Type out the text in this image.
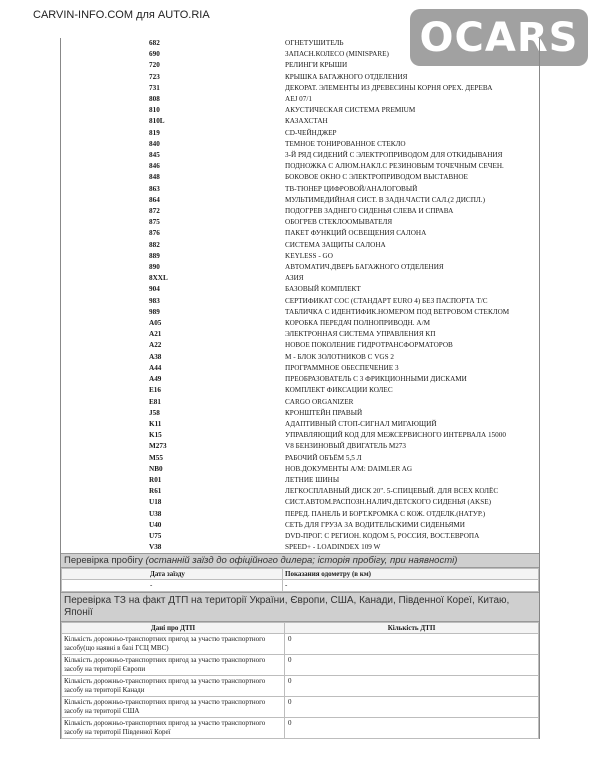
CARVIN-INFO.COM для AUTO.RIA	OCARS
682	ОГНЕТУШИТЕЛЬ
690	ЗАПАСН.КОЛЕСО (MINISPARE)
720	РЕЛИНГИ КРЫШИ
723	КРЫШКА БАГАЖНОГО ОТДЕЛЕНИЯ
731	ДЕКОРАТ. ЭЛЕМЕНТЫ ИЗ ДРЕВЕСИНЫ КОРНЯ ОРЕХ. ДЕРЕВА
808	AEJ 07/1
810	АКУСТИЧЕСКАЯ СИСТЕМА PREMIUM
810L	КАЗАХСТАН
819	CD-ЧЕЙНДЖЕР
840	ТЕМНОЕ ТОНИРОВАННОЕ СТЕКЛО
845	3-Й РЯД СИДЕНИЙ С ЭЛЕКТРОПРИВОДОМ ДЛЯ ОТКИДЫВАНИЯ
846	ПОДНОЖКА С АЛЮМ.НАКЛ.С РЕЗИНОВЫМ ТОЧЕЧНЫМ СЕЧЕН.
848	БОКОВОЕ ОКНО С ЭЛЕКТРОПРИВОДОМ ВЫСТАВНОЕ
863	ТВ-ТЮНЕР ЦИФРОВОЙ/АНАЛОГОВЫЙ
864	МУЛЬТИМЕДИЙНАЯ СИСТ. В ЗАДН.ЧАСТИ САЛ.(2 ДИСПЛ.)
872	ПОДОГРЕВ ЗАДНЕГО СИДЕНЬЯ СЛЕВА И СПРАВА
875	ОБОГРЕВ СТЕКЛООМЫВАТЕЛЯ
876	ПАКЕТ ФУНКЦИЙ ОСВЕЩЕНИЯ САЛОНА
882	СИСТЕМА ЗАЩИТЫ САЛОНА
889	KEYLESS - GO
890	АВТОМАТИЧ.ДВЕРЬ БАГАЖНОГО ОТДЕЛЕНИЯ
8XXL	АЗИЯ
904	БАЗОВЫЙ КОМПЛЕКТ
983	СЕРТИФИКАТ СОС (СТАНДАРТ EURO 4) БЕЗ ПАСПОРТА Т/С
989	ТАБЛИЧКА С ИДЕНТИФИК.НОМЕРОМ ПОД ВЕТРОВОМ СТЕКЛОМ
A05	КОРОБКА ПЕРЕДАЧ ПОЛНОПРИВОДН. А/М
A21	ЭЛЕКТРОННАЯ СИСТЕМА УПРАВЛЕНИЯ КП
A22	НОВОЕ ПОКОЛЕНИЕ ГИДРОТРАНСФОРМАТОРОВ
A38	M - БЛОК ЗОЛОТНИКОВ С VGS 2
A44	ПРОГРАММНОЕ ОБЕСПЕЧЕНИЕ 3
A49	ПРЕОБРАЗОВАТЕЛЬ С 3 ФРИКЦИОННЫМИ ДИСКАМИ
E16	КОМПЛЕКТ ФИКСАЦИИ КОЛЕС
E81	CARGO ORGANIZER
J58	КРОНШТЕЙН ПРАВЫЙ
K11	АДАПТИВНЫЙ СТОП-СИГНАЛ МИГАЮЩИЙ
K15	УПРАВЛЯЮЩИЙ КОД ДЛЯ МЕЖСЕРВИСНОГО ИНТЕРВАЛА 15000
M273	V8 БЕНЗИНОВЫЙ ДВИГАТЕЛЬ M273
M55	РАБОЧИЙ ОБЪЁМ 5,5 Л
NB0	НОВ.ДОКУМЕНТЫ А/М: DAIMLER AG
R01	ЛЕТНИЕ ШИНЫ
R61	ЛЕГКОСПЛАВНЫЙ ДИСК 20". 5-СПИЦЕВЫЙ. ДЛЯ ВСЕХ КОЛЁС
U18	СИСТ.АВТОМ.РАСПОЗН.НАЛИЧ.ДЕТСКОГО СИДЕНЬЯ (AKSE)
U38	ПЕРЕД. ПАНЕЛЬ И БОРТ.КРОМКА С КОЖ. ОТДЕЛК.(НАТУР.)
U40	СЕТЬ ДЛЯ ГРУЗА ЗА ВОДИТЕЛЬСКИМИ СИДЕНЬЯМИ
U75	DVD-ПРОГ. С РЕГИОН. КОДОМ 5, РОССИЯ, ВОСТ.ЕВРОПА
V38	SPEED+ - LOADINDEX 109 W
Перевірка пробігу (останній заїзд до офіційного дилера; історія пробігу, при наявності)
Дата заїзду	Показания одометру (в км)
-	-
Перевірка ТЗ на факт ДТП на території України, Європи, США, Канади, Південної Кореї, Китаю, Японії
Дані про ДТП	Кількість ДТП
Кількість дорожньо-транспортних пригод за участю транспортного засобу(що наявні в базі ГСЦ МВС)	0
Кількість дорожньо-транспортних пригод за участю транспортного засобу на території Європи	0
Кількість дорожньо-транспортних пригод за участю транспортного засобу на території Канади	0
Кількість дорожньо-транспортних пригод за участю транспортного засобу на території США	0
Кількість дорожньо-транспортних пригод за участю транспортного засобу на території Південної Кореї	0
